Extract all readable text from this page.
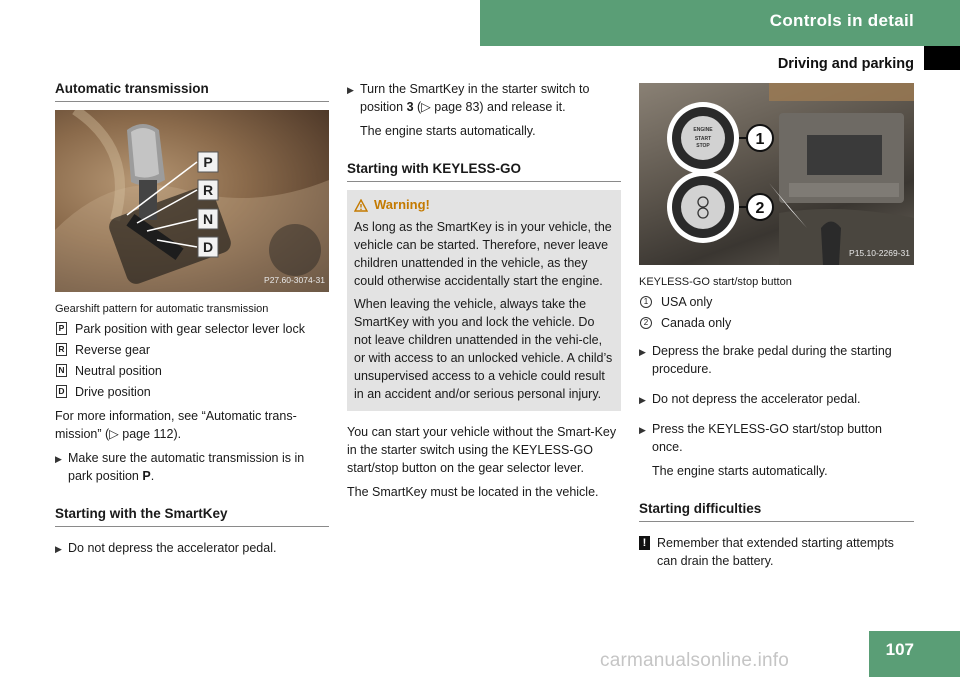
Controls in detail
Driving and parking
Automatic transmission
P
R
N
D
P27.60-3074-31
Gearshift pattern for automatic transmission
P Park position with gear selector lever lock
R Reverse gear
N Neutral position
D Drive position

For more information, see “Automatic trans-mission” (▷ page 112).

▶ Make sure the automatic transmission is in park position P.

Starting with the SmartKey
▶ Do not depress the accelerator pedal.

▶ Turn the SmartKey in the starter switch to position 3 (▷ page 83) and release it.

The engine starts automatically.

Starting with KEYLESS-GO
Warning!

As long as the SmartKey is in your vehicle, the vehicle can be started. Therefore, never leave children unattended in the vehicle, as they could otherwise accidentally start the engine.

When leaving the vehicle, always take the SmartKey with you and lock the vehicle. Do not leave children unattended in the vehi-cle, or with access to an unlocked vehicle. A child’s unsupervised access to a vehicle could result in an accident and/or serious personal injury.

You can start your vehicle without the Smart-Key in the starter switch using the KEYLESS-GO start/stop button on the gear selector lever.

The SmartKey must be located in the vehicle.

ENGINE
START
STOP	1
2
P15.10-2269-31
KEYLESS-GO start/stop button
1	USA only
2	Canada only
▶ Depress the brake pedal during the starting procedure.

▶ Do not depress the accelerator pedal.

▶ Press the KEYLESS-GO start/stop button once.

The engine starts automatically.

Starting difficulties
! Remember that extended starting attempts can drain the battery.
107
carmanualsonline.info
